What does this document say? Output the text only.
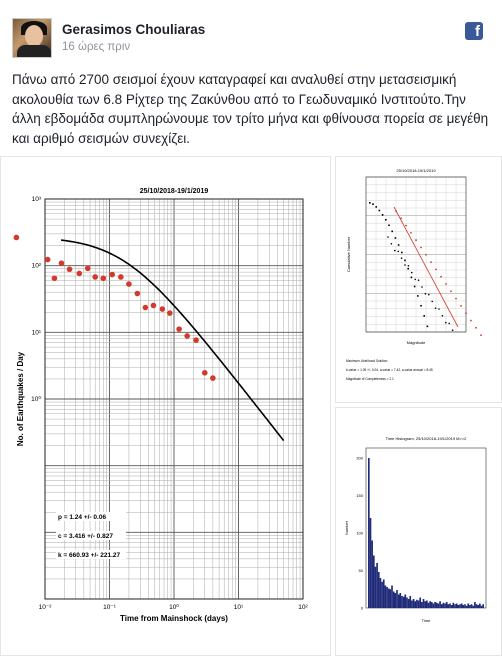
Gerasimos Chouliaras
16 ώρες πριν
f
Πάνω από 2700 σεισμοί έχουν καταγραφεί και αναλυθεί στην μετασεισμική ακολουθία των 6.8 Ρίχτερ της Ζακύνθου από το Γεωδυναμικό Ινστιτούτο.Την άλλη εβδομάδα συμπληρώνουμε τον τρίτο μήνα και φθίνουσα πορεία σε μεγέθη και αριθμό σεισμών συνεχίζει.
25/10/2018-19/1/2019
10⁻²	10⁻¹	10⁰	10¹	10²
10³
10²
10¹
10⁰
Time from Mainshock (days)
No. of Earthquakes / Day
p = 1.24 +/- 0.06
c = 3.416 +/- 0.827
k = 660.93 +/- 221.27
25/10/2018-19/1/2019
Magnitude
Cumulative Number
Maximum Likelihood Solution
b-value = 1.05 +/- 0.04, a-value = 7.42, a-value annual = 8.45
Magnitude of Completeness = 2.1
Time Histogram, 25/10/2018-19/1/2019 M>=2
200
150
100
50
0
Time
Number
